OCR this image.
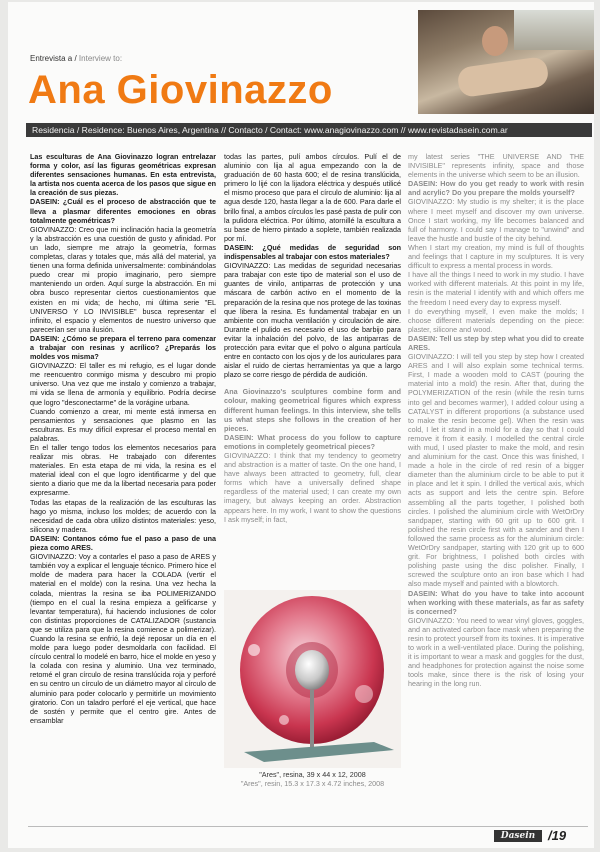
Entrevista a / Interview to:
Ana Giovinazzo
Residencia / Residence: Buenos Aires, Argentina // Contacto / Contact: www.anagiovinazzo.com // www.revistadasein.com.ar

Las esculturas de Ana Giovinazzo logran entrelazar forma y color, así las figuras geométricas expresan diferentes sensaciones humanas. En esta entrevista, la artista nos cuenta acerca de los pasos que sigue en la creación de sus piezas.

DASEIN: ¿Cuál es el proceso de abstracción que te lleva a plasmar diferentes emociones en obras totalmente geométricas?

GIOVINAZZO: Creo que mi inclinación hacia la geometría y la abstracción es una cuestión de gusto y afinidad. Por un lado, siempre me atrajo la geometría, formas completas, claras y totales que, más allá del material, ya tienen una forma definida universalmente: combinándolas puedo crear mi propio imaginario, pero siempre manteniendo un orden. Aquí surge la abstracción. En mi obra busco representar ciertos cuestionamientos que existen en mi vida; de hecho, mi última serie "EL UNIVERSO Y LO INVISIBLE" busca representar el infinito, el espacio y elementos de nuestro universo que parecerían ser una ilusión.

DASEIN: ¿Cómo se prepara el terreno para comenzar a trabajar con resinas y acrílico? ¿Preparás los moldes vos misma?

GIOVINAZZO: El taller es mi refugio, es el lugar donde me reencuentro conmigo misma y descubro mi propio universo. Una vez que me instalo y comienzo a trabajar, mi vida se llena de armonía y equilibrio. Podría decirse que logro "desconectarme" de la vorágine urbana.

Cuando comienzo a crear, mi mente está inmersa en pensamientos y sensaciones que plasmo en las esculturas. Es muy difícil expresar el proceso mental en palabras.

En el taller tengo todos los elementos necesarios para realizar mis obras. He trabajado con diferentes materiales. En esta etapa de mi vida, la resina es el material ideal con el que logro identificarme y del que siento a diario que me da la libertad necesaria para poder expresarme.

Todas las etapas de la realización de las esculturas las hago yo misma, incluso los moldes; de acuerdo con la necesidad de cada obra utilizo distintos materiales: yeso, silicona y madera.

DASEIN: Contanos cómo fue el paso a paso de una pieza como ARES.

GIOVINAZZO: Voy a contarles el paso a paso de ARES y también voy a explicar el lenguaje técnico. Primero hice el molde de madera para hacer la COLADA (vertir el material en el molde) con la resina. Una vez hecha la colada, mientras la resina se iba POLIMERIZANDO (tiempo en el cual la resina empieza a gelificarse y levantar temperatura), fui haciendo inclusiones de color con distintas proporciones de CATALIZADOR (sustancia que se utiliza para que la resina comience a polimerizar). Cuando la resina se enfrió, la dejé reposar un día en el molde para luego poder desmoldarla con facilidad. El círculo central lo modelé en barro, hice el molde en yeso y la colada con resina y aluminio. Una vez terminado, retomé el gran círculo de resina translúcida roja y perforé en su centro un círculo de un diámetro mayor al círculo de aluminio para poder colocarlo y permitirle un movimiento giratorio. Con un taladro perforé el eje vertical, que hace de sostén y permite que el centro gire. Antes de ensamblar

todas las partes, pulí ambos círculos. Pulí el de aluminio con lija al agua empezando con la de graduación de 60 hasta 600; el de resina translúcida, primero lo lijé con la lijadora eléctrica y después utilicé el mismo proceso que para el círculo de aluminio: lija al agua desde 120, hasta llegar a la de 600. Para darle el brillo final, a ambos círculos les pasé pasta de pulir con la pulidora eléctrica. Por último, atornillé la escultura a su base de hierro pintado a soplete, también realizada por mí.

DASEIN: ¿Qué medidas de seguridad son indispensables al trabajar con estos materiales?

GIOVINAZZO: Las medidas de seguridad necesarias para trabajar con este tipo de material son el uso de guantes de vinilo, antiparras de protección y una máscara de carbón activo en el momento de la preparación de la resina que nos protege de las toxinas que libera la resina. Es fundamental trabajar en un ambiente con mucha ventilación y circulación de aire. Durante el pulido es necesario el uso de barbijo para evitar la inhalación del polvo, de las antiparras de protección para evitar que el polvo o alguna partícula entre en contacto con los ojos y de los auriculares para aislar el ruido de ciertas herramientas ya que a largo plazo se corre riesgo de pérdida de audición.

Ana Giovinazzo's sculptures combine form and colour, making geometrical figures which express different human feelings. In this interview, she tells us what steps she follows in the creation of her pieces.

DASEIN: What process do you follow to capture emotions in completely geometrical pieces?

GIOVINAZZO: I think that my tendency to geometry and abstraction is a matter of taste. On the one hand, I have always been attracted to geometry, full, clear forms which have a universally defined shape regardless of the material used; I can create my own imagery, but always keeping an order. Abstraction appears here. In my work, I want to show the questions I ask myself; in fact,

my latest series "THE UNIVERSE AND THE INVISIBLE" represents infinity, space and those elements in the universe which seem to be an illusion.

DASEIN: How do you get ready to work with resin and acrylic? Do you prepare the molds yourself?

GIOVINAZZO: My studio is my shelter; it is the place where I meet myself and discover my own universe. Once I start working, my life becomes balanced and full of harmony. I could say I manage to "unwind" and leave the hustle and bustle of the city behind.

When I start my creation, my mind is full of thoughts and feelings that I capture in my sculptures. It is very difficult to express a mental process in words.

I have all the things I need to work in my studio. I have worked with different materials. At this point in my life, resin is the material I identify with and which offers me the freedom I need every day to express myself.

I do everything myself, I even make the molds; I choose different materials depending on the piece: plaster, silicone and wood.

DASEIN: Tell us step by step what you did to create ARES.

GIOVINAZZO: I will tell you step by step how I created ARES and I will also explain some technical terms. First, I made a wooden mold to CAST (pouring the material into a mold) the resin. After that, during the POLYMERIZATION of the resin (while the resin turns into gel and becomes warmer), I added colour using a CATALYST in different proportions (a substance used to make the resin become gel). When the resin was cold, I let it stand in a mold for a day so that I could remove it from it easily. I modelled the central circle with mud, I used plaster to make the mold, and resin and aluminium for the cast. Once this was finished, I made a hole in the circle of red resin of a bigger diameter than the aluminium circle to be able to put it in place and let it spin. I drilled the vertical axis, which acts as support and lets the centre spin. Before assembling all the parts together, I polished both circles. I polished the aluminium circle with WetOrDry sandpaper, starting with 60 grit up to 600 grit. I polished the resin circle first with a sander and then I followed the same process as for the aluminium circle: WetOrDry sandpaper, starting with 120 grit up to 600 grit. For brightness, I polished both circles with polishing paste using the disc polisher. Finally, I screwed the sculpture onto an iron base which I had also made myself and painted with a blowtorch.

DASEIN: What do you have to take into account when working with these materials, as far as safety is concerned?

GIOVINAZZO: You need to wear vinyl gloves, goggles, and an activated carbon face mask when preparing the resin to protect yourself from its toxines. It is imperative to work in a well-ventilated place. During the polishing, it is important to wear a mask and goggles for the dust, and headphones for protection against the noise some tools make, since there is the risk of losing your hearing in the long run.

"Ares", resina, 39 x 44 x 12, 2008
"Ares", resin, 15.3 x 17.3 x 4.72 inches, 2008
Dasein /19
